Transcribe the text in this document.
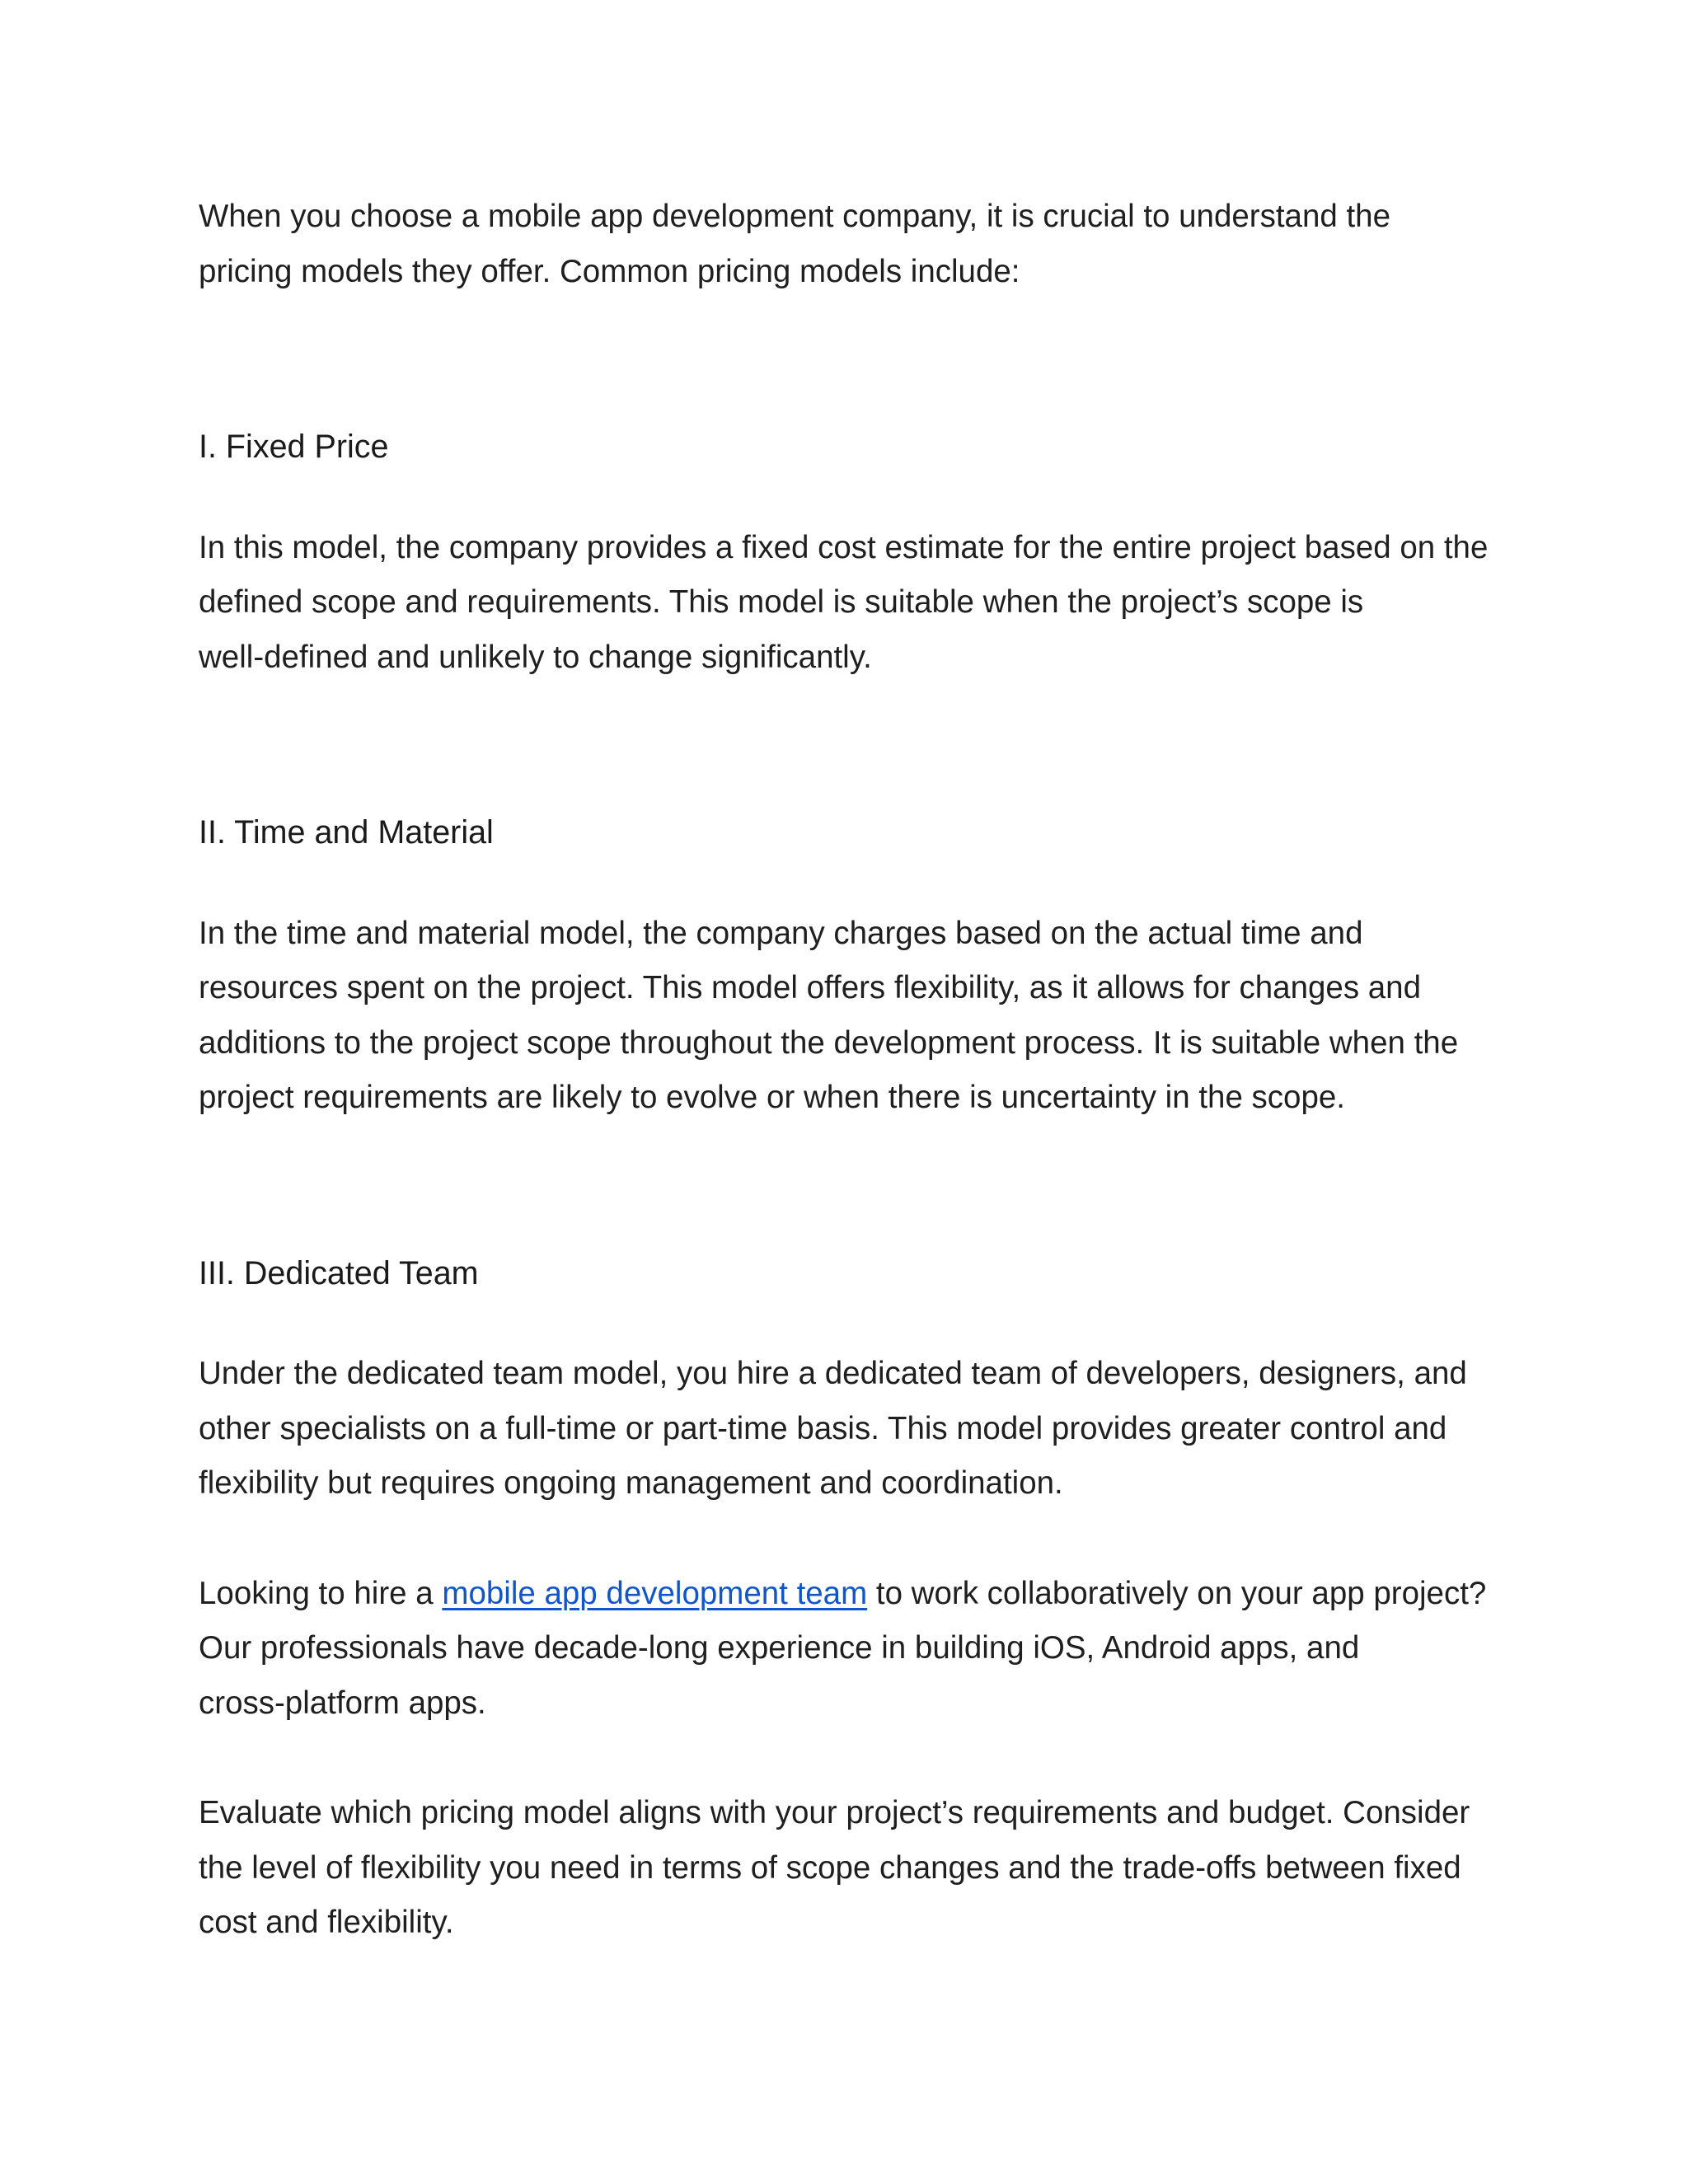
When you choose a mobile app development company, it is crucial to understand the
pricing models they offer. Common pricing models include:

I. Fixed Price

In this model, the company provides a fixed cost estimate for the entire project based on the
defined scope and requirements. This model is suitable when the project’s scope is
well-defined and unlikely to change significantly.

II. Time and Material

In the time and material model, the company charges based on the actual time and
resources spent on the project. This model offers flexibility, as it allows for changes and
additions to the project scope throughout the development process. It is suitable when the
project requirements are likely to evolve or when there is uncertainty in the scope.

III. Dedicated Team

Under the dedicated team model, you hire a dedicated team of developers, designers, and
other specialists on a full-time or part-time basis. This model provides greater control and
flexibility but requires ongoing management and coordination.

Looking to hire a mobile app development team to work collaboratively on your app project?
Our professionals have decade-long experience in building iOS, Android apps, and
cross-platform apps.

Evaluate which pricing model aligns with your project’s requirements and budget. Consider
the level of flexibility you need in terms of scope changes and the trade-offs between fixed
cost and flexibility.
